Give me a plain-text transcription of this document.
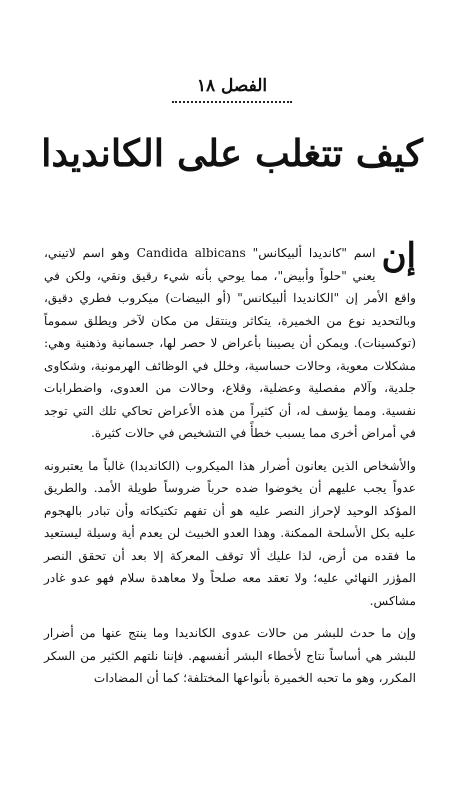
الفصل ١٨
كيف تتغلب على الكانديدا

إن
اسم "كانديدا ألبيكانس" Candida albicans وهو اسم لاتيني، يعني "حلواً وأبيض"، مما يوحي بأنه شيء رقيق ونقي، ولكن في واقع الأمر إن "الكانديدا ألبيكانس" (أو البيضات) ميكروب فطري دقيق، وبالتحديد نوع من الخميرة، يتكاثر وينتقل من مكان لآخر ويطلق سموماً (توكسينات). ويمكن أن يصيبنا بأعراض لا حصر لها، جسمانية وذهنية وهي: مشكلات معوية، وحالات حساسية، وخلل في الوظائف الهرمونية، وشكاوى جلدية، وآلام مفصلية وعضلية، وقلاع، وحالات من العدوى، واضطرابات نفسية. ومما يؤسف له، أن كثيراً من هذه الأعراض تحاكي تلك التي توجد في أمراض أخرى مما يسبب خطأً في التشخيص في حالات كثيرة.

والأشخاص الذين يعانون أضرار هذا الميكروب (الكانديدا) غالباً ما يعتبرونه عدواً يجب عليهم أن يخوضوا ضده حرباً ضروساً طويلة الأمد. والطريق المؤكد الوحيد لإحراز النصر عليه هو أن تفهم تكتيكاته وأن تبادر بالهجوم عليه بكل الأسلحة الممكنة. وهذا العدو الخبيث لن يعدم أية وسيلة ليستعيد ما فقده من أرض، لذا عليك ألا توقف المعركة إلا بعد أن تحقق النصر المؤزر النهائي عليه؛ ولا تعقد معه صلحاً ولا معاهدة سلام فهو عدو غادر مشاكس.

وإن ما حدث للبشر من حالات عدوى الكانديدا وما ينتج عنها من أضرار للبشر هي أساساً نتاج لأخطاء البشر أنفسهم. فإننا نلتهم الكثير من السكر المكرر، وهو ما تحبه الخميرة بأنواعها المختلفة؛ كما أن المضادات
